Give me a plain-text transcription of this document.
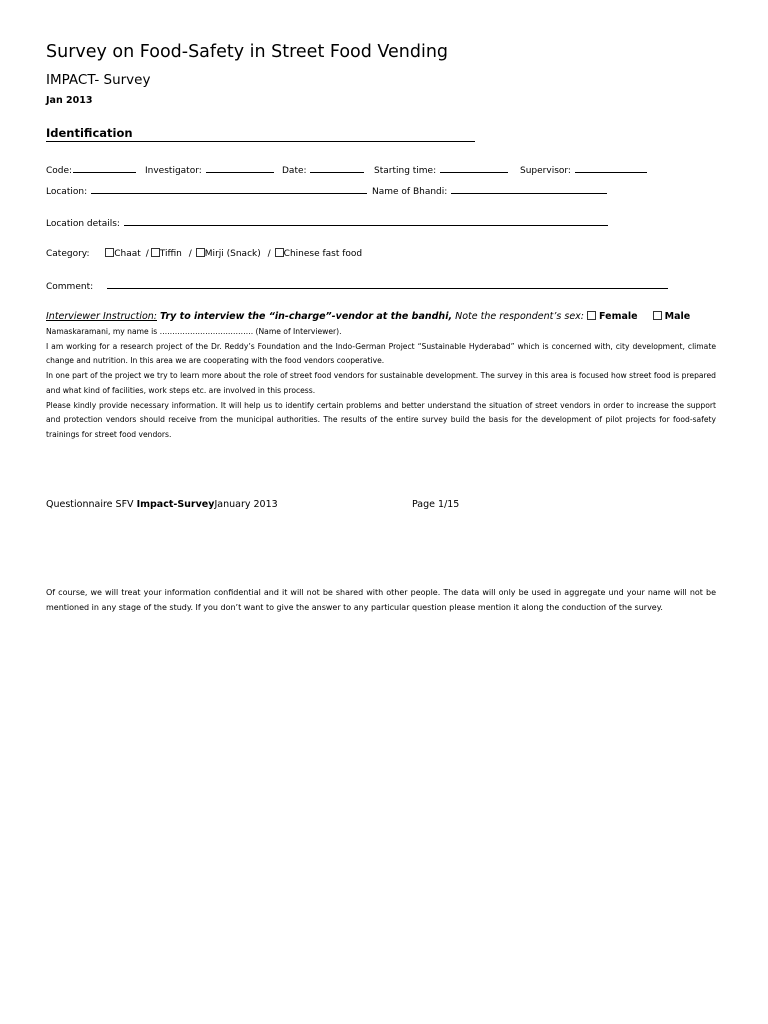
Survey on Food-Safety in Street Food Vending
IMPACT- Survey
Jan 2013
Identification
Code:	Investigator:	Date:	Starting time:	Supervisor:
Location:	Name of Bhandi:
Location details:
Category:	Chaat / Tiffin / Mirji (Snack) / Chinese fast food
Comment:
Interviewer Instruction: Try to interview the “in-charge”-vendor at the bandhi, Note the respondent’s sex: Female	Male

Namaskaramani, my name is ………………………………. (Name of Interviewer).

I am working for a research project of the Dr. Reddy’s Foundation and the Indo-German Project “Sustainable Hyderabad” which is concerned with, city development, climate change and nutrition. In this area we are cooperating with the food vendors cooperative.

In one part of the project we try to learn more about the role of street food vendors for sustainable development. The survey in this area is focused how street food is prepared and what kind of facilities, work steps etc. are involved in this process.

Please kindly provide necessary information. It will help us to identify certain problems and better understand the situation of street vendors in order to increase the support and protection vendors should receive from the municipal authorities. The results of the entire survey build the basis for the development of pilot projects for food-safety trainings for street food vendors.

Questionnaire SFV Impact-SurveyJanuary 2013	Page 1/15
Of course, we will treat your information confidential and it will not be shared with other people. The data will only be used in aggregate und your name will not be mentioned in any stage of the study. If you don’t want to give the answer to any particular question please mention it along the conduction of the survey.
